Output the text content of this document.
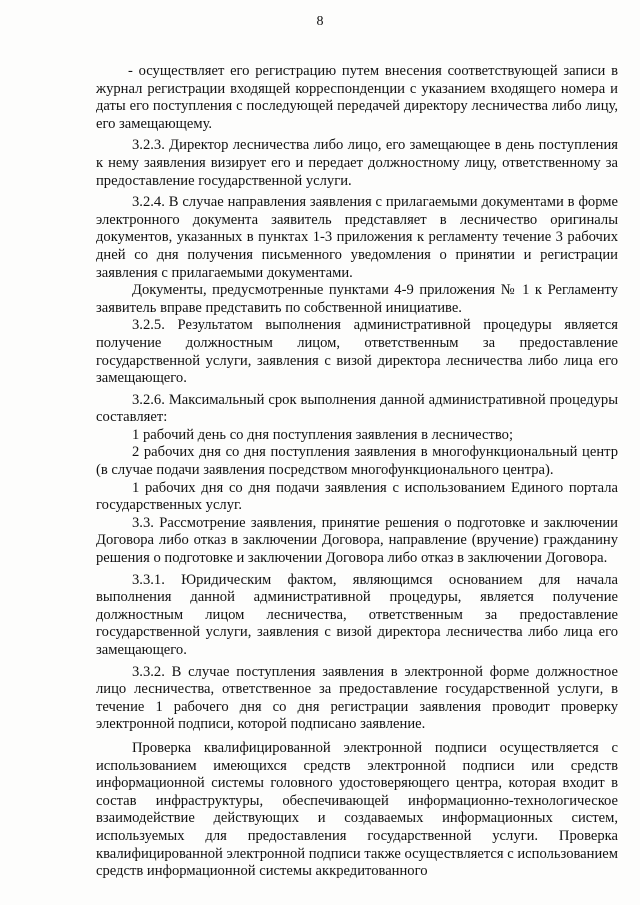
8

- осуществляет его регистрацию путем внесения соответствующей записи в журнал регистрации входящей корреспонденции с указанием входящего номера и даты его поступления с последующей передачей директору лесничества либо лицу, его замещающему.

3.2.3. Директор лесничества либо лицо, его замещающее в день поступления к нему заявления визирует его и передает должностному лицу, ответственному за предоставление государственной услуги.

3.2.4. В случае направления заявления с прилагаемыми документами в форме электронного документа заявитель представляет в лесничество оригиналы документов, указанных в пунктах 1-3 приложения к регламенту течение 3 рабочих дней со дня получения письменного уведомления о принятии и регистрации заявления с прилагаемыми документами.

Документы, предусмотренные пунктами 4-9 приложения № 1 к Регламенту заявитель вправе представить по собственной инициативе.

3.2.5. Результатом выполнения административной процедуры является получение должностным лицом, ответственным за предоставление государственной услуги, заявления с визой директора лесничества либо лица его замещающего.

3.2.6. Максимальный срок выполнения данной административной процедуры составляет:

1 рабочий день со дня поступления заявления в лесничество;

2 рабочих дня со дня поступления заявления в многофункциональный центр (в случае подачи заявления посредством многофункционального центра).

1 рабочих дня со дня подачи заявления с использованием Единого портала государственных услуг.

3.3. Рассмотрение заявления, принятие решения о подготовке и заключении Договора либо отказ в заключении Договора, направление (вручение) гражданину решения о подготовке и заключении Договора либо отказ в заключении Договора.

3.3.1. Юридическим фактом, являющимся основанием для начала выполнения данной административной процедуры, является получение должностным лицом лесничества, ответственным за предоставление государственной услуги, заявления с визой директора лесничества либо лица его замещающего.

3.3.2. В случае поступления заявления в электронной форме должностное лицо лесничества, ответственное за предоставление государственной услуги, в течение 1 рабочего дня со дня регистрации заявления проводит проверку электронной подписи, которой подписано заявление.

Проверка квалифицированной электронной подписи осуществляется с использованием имеющихся средств электронной подписи или средств информационной системы головного удостоверяющего центра, которая входит в состав инфраструктуры, обеспечивающей информационно-технологическое взаимодействие действующих и создаваемых информационных систем, используемых для предоставления государственной услуги. Проверка квалифицированной электронной подписи также осуществляется с использованием средств информационной системы аккредитованного
